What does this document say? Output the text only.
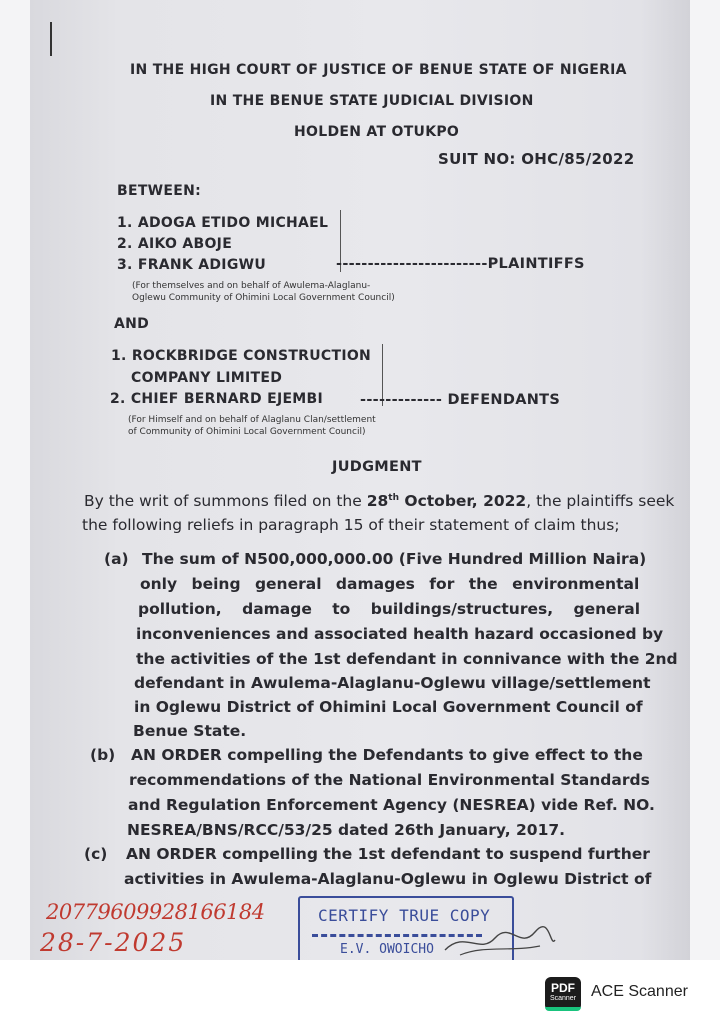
IN THE HIGH COURT OF JUSTICE OF BENUE STATE OF NIGERIA
IN THE BENUE STATE JUDICIAL DIVISION
HOLDEN AT OTUKPO
SUIT NO: OHC/85/2022
BETWEEN:
1. ADOGA ETIDO MICHAEL
2. AIKO ABOJE
3. FRANK ADIGWU	------------------------PLAINTIFFS
(For themselves and on behalf of Awulema-Alaglanu-
Oglewu Community of Ohimini Local Government Council)
AND
1. ROCKBRIDGE CONSTRUCTION
COMPANY LIMITED
2. CHIEF BERNARD EJEMBI	------------- DEFENDANTS
(For Himself and on behalf of Alaglanu Clan/settlement
of Community of Ohimini Local Government Council)
JUDGMENT
By the writ of summons filed on the 28th October, 2022, the plaintiffs seek
the following reliefs in paragraph 15 of their statement of claim thus;
(a) The sum of N500,000,000.00 (Five Hundred Million Naira)
only being general damages for the environmental
pollution, damage to buildings/structures, general
inconveniences and associated health hazard occasioned by
the activities of the 1st defendant in connivance with the 2nd
defendant in Awulema-Alaglanu-Oglewu village/settlement
in Oglewu District of Ohimini Local Government Council of
Benue State.
(b) AN ORDER compelling the Defendants to give effect to the
recommendations of the National Environmental Standards
and Regulation Enforcement Agency (NESREA) vide Ref. NO.
NESREA/BNS/RCC/53/25 dated 26th January, 2017.
(c) AN ORDER compelling the 1st defendant to suspend further
activities in Awulema-Alaglanu-Oglewu in Oglewu District of
20779609928166184
28-7-2025
CERTIFY TRUE COPY
E.V. OWOICHO
PDF
Scanner ACE Scanner
